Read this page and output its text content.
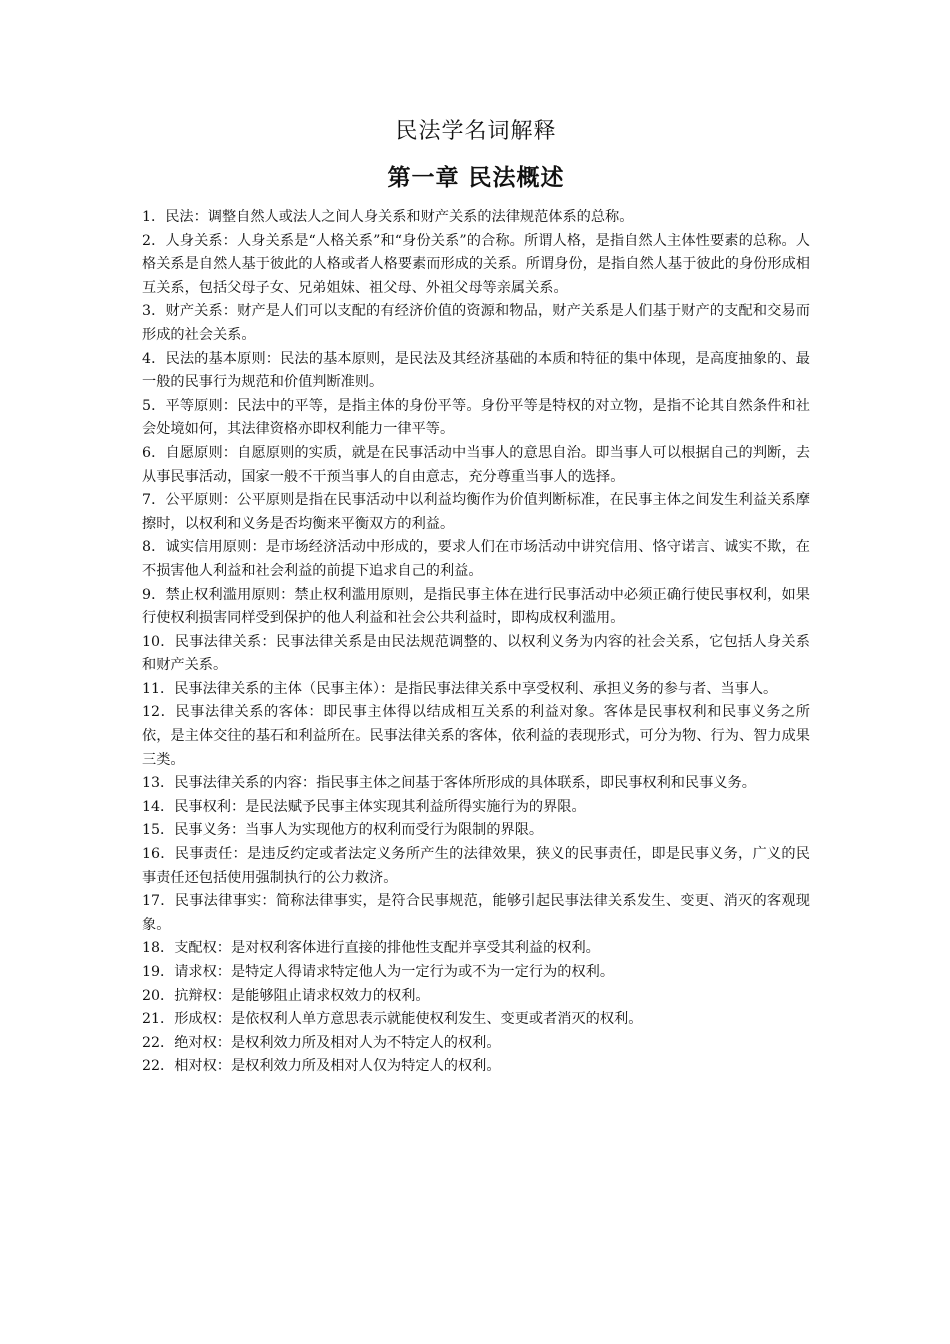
民法学名词解释
第一章 民法概述

1．民法：调整自然人或法人之间人身关系和财产关系的法律规范体系的总称。

2．人身关系：人身关系是“人格关系”和“身份关系”的合称。所谓人格，是指自然人主体性要素的总称。人格关系是自然人基于彼此的人格或者人格要素而形成的关系。所谓身份，是指自然人基于彼此的身份形成相互关系，包括父母子女、兄弟姐妹、祖父母、外祖父母等亲属关系。

3．财产关系：财产是人们可以支配的有经济价值的资源和物品，财产关系是人们基于财产的支配和交易而形成的社会关系。

4．民法的基本原则：民法的基本原则，是民法及其经济基础的本质和特征的集中体现，是高度抽象的、最一般的民事行为规范和价值判断准则。

5．平等原则：民法中的平等，是指主体的身份平等。身份平等是特权的对立物，是指不论其自然条件和社会处境如何，其法律资格亦即权利能力一律平等。

6．自愿原则：自愿原则的实质，就是在民事活动中当事人的意思自治。即当事人可以根据自己的判断，去从事民事活动，国家一般不干预当事人的自由意志，充分尊重当事人的选择。

7．公平原则：公平原则是指在民事活动中以利益均衡作为价值判断标准，在民事主体之间发生利益关系摩擦时，以权利和义务是否均衡来平衡双方的利益。

8．诚实信用原则：是市场经济活动中形成的，要求人们在市场活动中讲究信用、恪守诺言、诚实不欺，在不损害他人利益和社会利益的前提下追求自己的利益。

9．禁止权利滥用原则：禁止权利滥用原则，是指民事主体在进行民事活动中必须正确行使民事权利，如果行使权利损害同样受到保护的他人利益和社会公共利益时，即构成权利滥用。

10．民事法律关系：民事法律关系是由民法规范调整的、以权利义务为内容的社会关系，它包括人身关系和财产关系。

11．民事法律关系的主体（民事主体）：是指民事法律关系中享受权利、承担义务的参与者、当事人。

12．民事法律关系的客体：即民事主体得以结成相互关系的利益对象。客体是民事权利和民事义务之所依，是主体交往的基石和利益所在。民事法律关系的客体，依利益的表现形式，可分为物、行为、智力成果三类。

13．民事法律关系的内容：指民事主体之间基于客体所形成的具体联系，即民事权利和民事义务。

14．民事权利：是民法赋予民事主体实现其利益所得实施行为的界限。

15．民事义务：当事人为实现他方的权利而受行为限制的界限。

16．民事责任：是违反约定或者法定义务所产生的法律效果，狭义的民事责任，即是民事义务，广义的民事责任还包括使用强制执行的公力救济。

17．民事法律事实：简称法律事实，是符合民事规范，能够引起民事法律关系发生、变更、消灭的客观现象。

18．支配权：是对权利客体进行直接的排他性支配并享受其利益的权利。

19．请求权：是特定人得请求特定他人为一定行为或不为一定行为的权利。

20．抗辩权：是能够阻止请求权效力的权利。

21．形成权：是依权利人单方意思表示就能使权利发生、变更或者消灭的权利。

22．绝对权：是权利效力所及相对人为不特定人的权利。

22．相对权：是权利效力所及相对人仅为特定人的权利。
